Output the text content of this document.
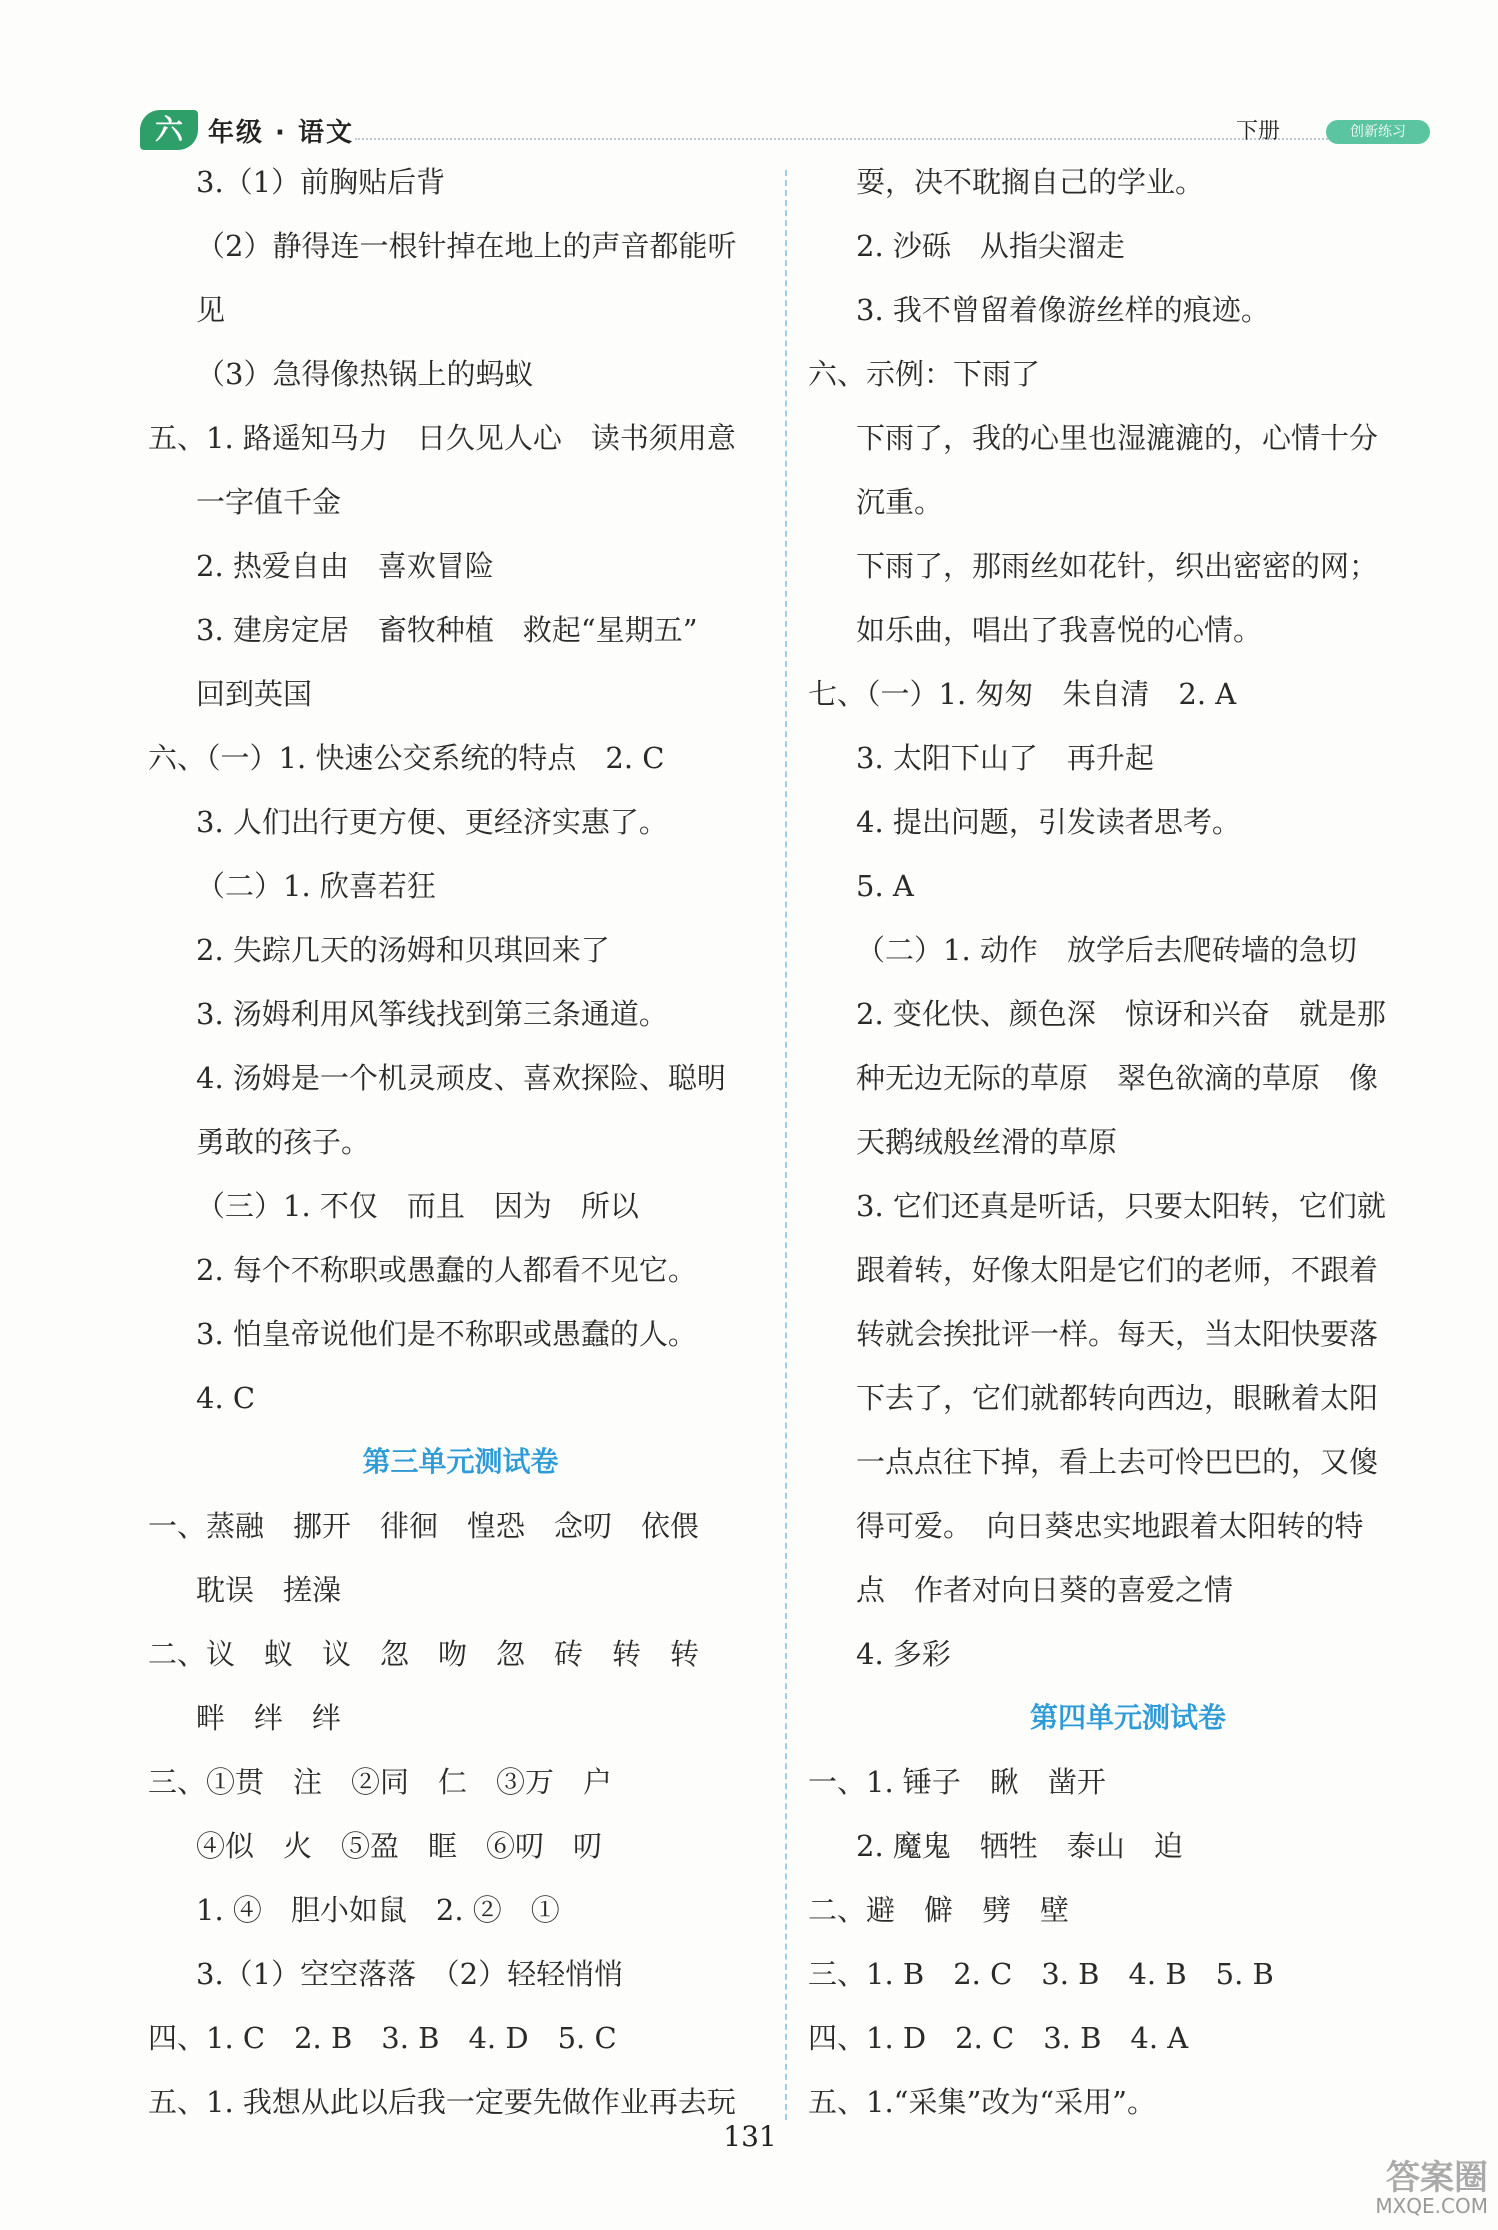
六 年级 · 语文	下册	创新练习
3.（1）前胸贴后背
（2）静得连一根针掉在地上的声音都能听
见
（3）急得像热锅上的蚂蚁
五、1. 路遥知马力　日久见人心　读书须用意
一字值千金
2. 热爱自由　喜欢冒险
3. 建房定居　畜牧种植　救起“星期五”
回到英国
六、（一）1. 快速公交系统的特点　2. C
3. 人们出行更方便、更经济实惠了。
（二）1. 欣喜若狂
2. 失踪几天的汤姆和贝琪回来了
3. 汤姆利用风筝线找到第三条通道。
4. 汤姆是一个机灵顽皮、喜欢探险、聪明
勇敢的孩子。
（三）1. 不仅　而且　因为　所以
2. 每个不称职或愚蠢的人都看不见它。
3. 怕皇帝说他们是不称职或愚蠢的人。
4. C
第三单元测试卷
一、蒸融　挪开　徘徊　惶恐　念叨　依偎
耽误　搓澡
二、议　蚁　议　忽　吻　忽　砖　转　转
畔　绊　绊
三、①贯　注　②同　仁　③万　户
④似　火　⑤盈　眶　⑥叨　叨
1. ④　胆小如鼠　2. ②　①
3.（1）空空落落　（2）轻轻悄悄
四、1. C　2. B　3. B　4. D　5. C
五、1. 我想从此以后我一定要先做作业再去玩
耍，决不耽搁自己的学业。
2. 沙砾　从指尖溜走
3. 我不曾留着像游丝样的痕迹。
六、示例：下雨了
下雨了，我的心里也湿漉漉的，心情十分
沉重。
下雨了，那雨丝如花针，织出密密的网；
如乐曲，唱出了我喜悦的心情。
七、（一）1. 匆匆　朱自清　2. A
3. 太阳下山了　再升起
4. 提出问题，引发读者思考。
5. A
（二）1. 动作　放学后去爬砖墙的急切
2. 变化快、颜色深　惊讶和兴奋　就是那
种无边无际的草原　翠色欲滴的草原　像
天鹅绒般丝滑的草原
3. 它们还真是听话，只要太阳转，它们就
跟着转，好像太阳是它们的老师，不跟着
转就会挨批评一样。每天，当太阳快要落
下去了，它们就都转向西边，眼瞅着太阳
一点点往下掉，看上去可怜巴巴的，又傻
得可爱。　向日葵忠实地跟着太阳转的特
点　作者对向日葵的喜爱之情
4. 多彩
第四单元测试卷
一、1. 锤子　瞅　凿开
2. 魔鬼　牺牲　泰山　迫
二、避　僻　劈　壁
三、1. B　2. C　3. B　4. B　5. B
四、1. D　2. C　3. B　4. A
五、1.“采集”改为“采用”。
131
答案圈
MXQE.COM
